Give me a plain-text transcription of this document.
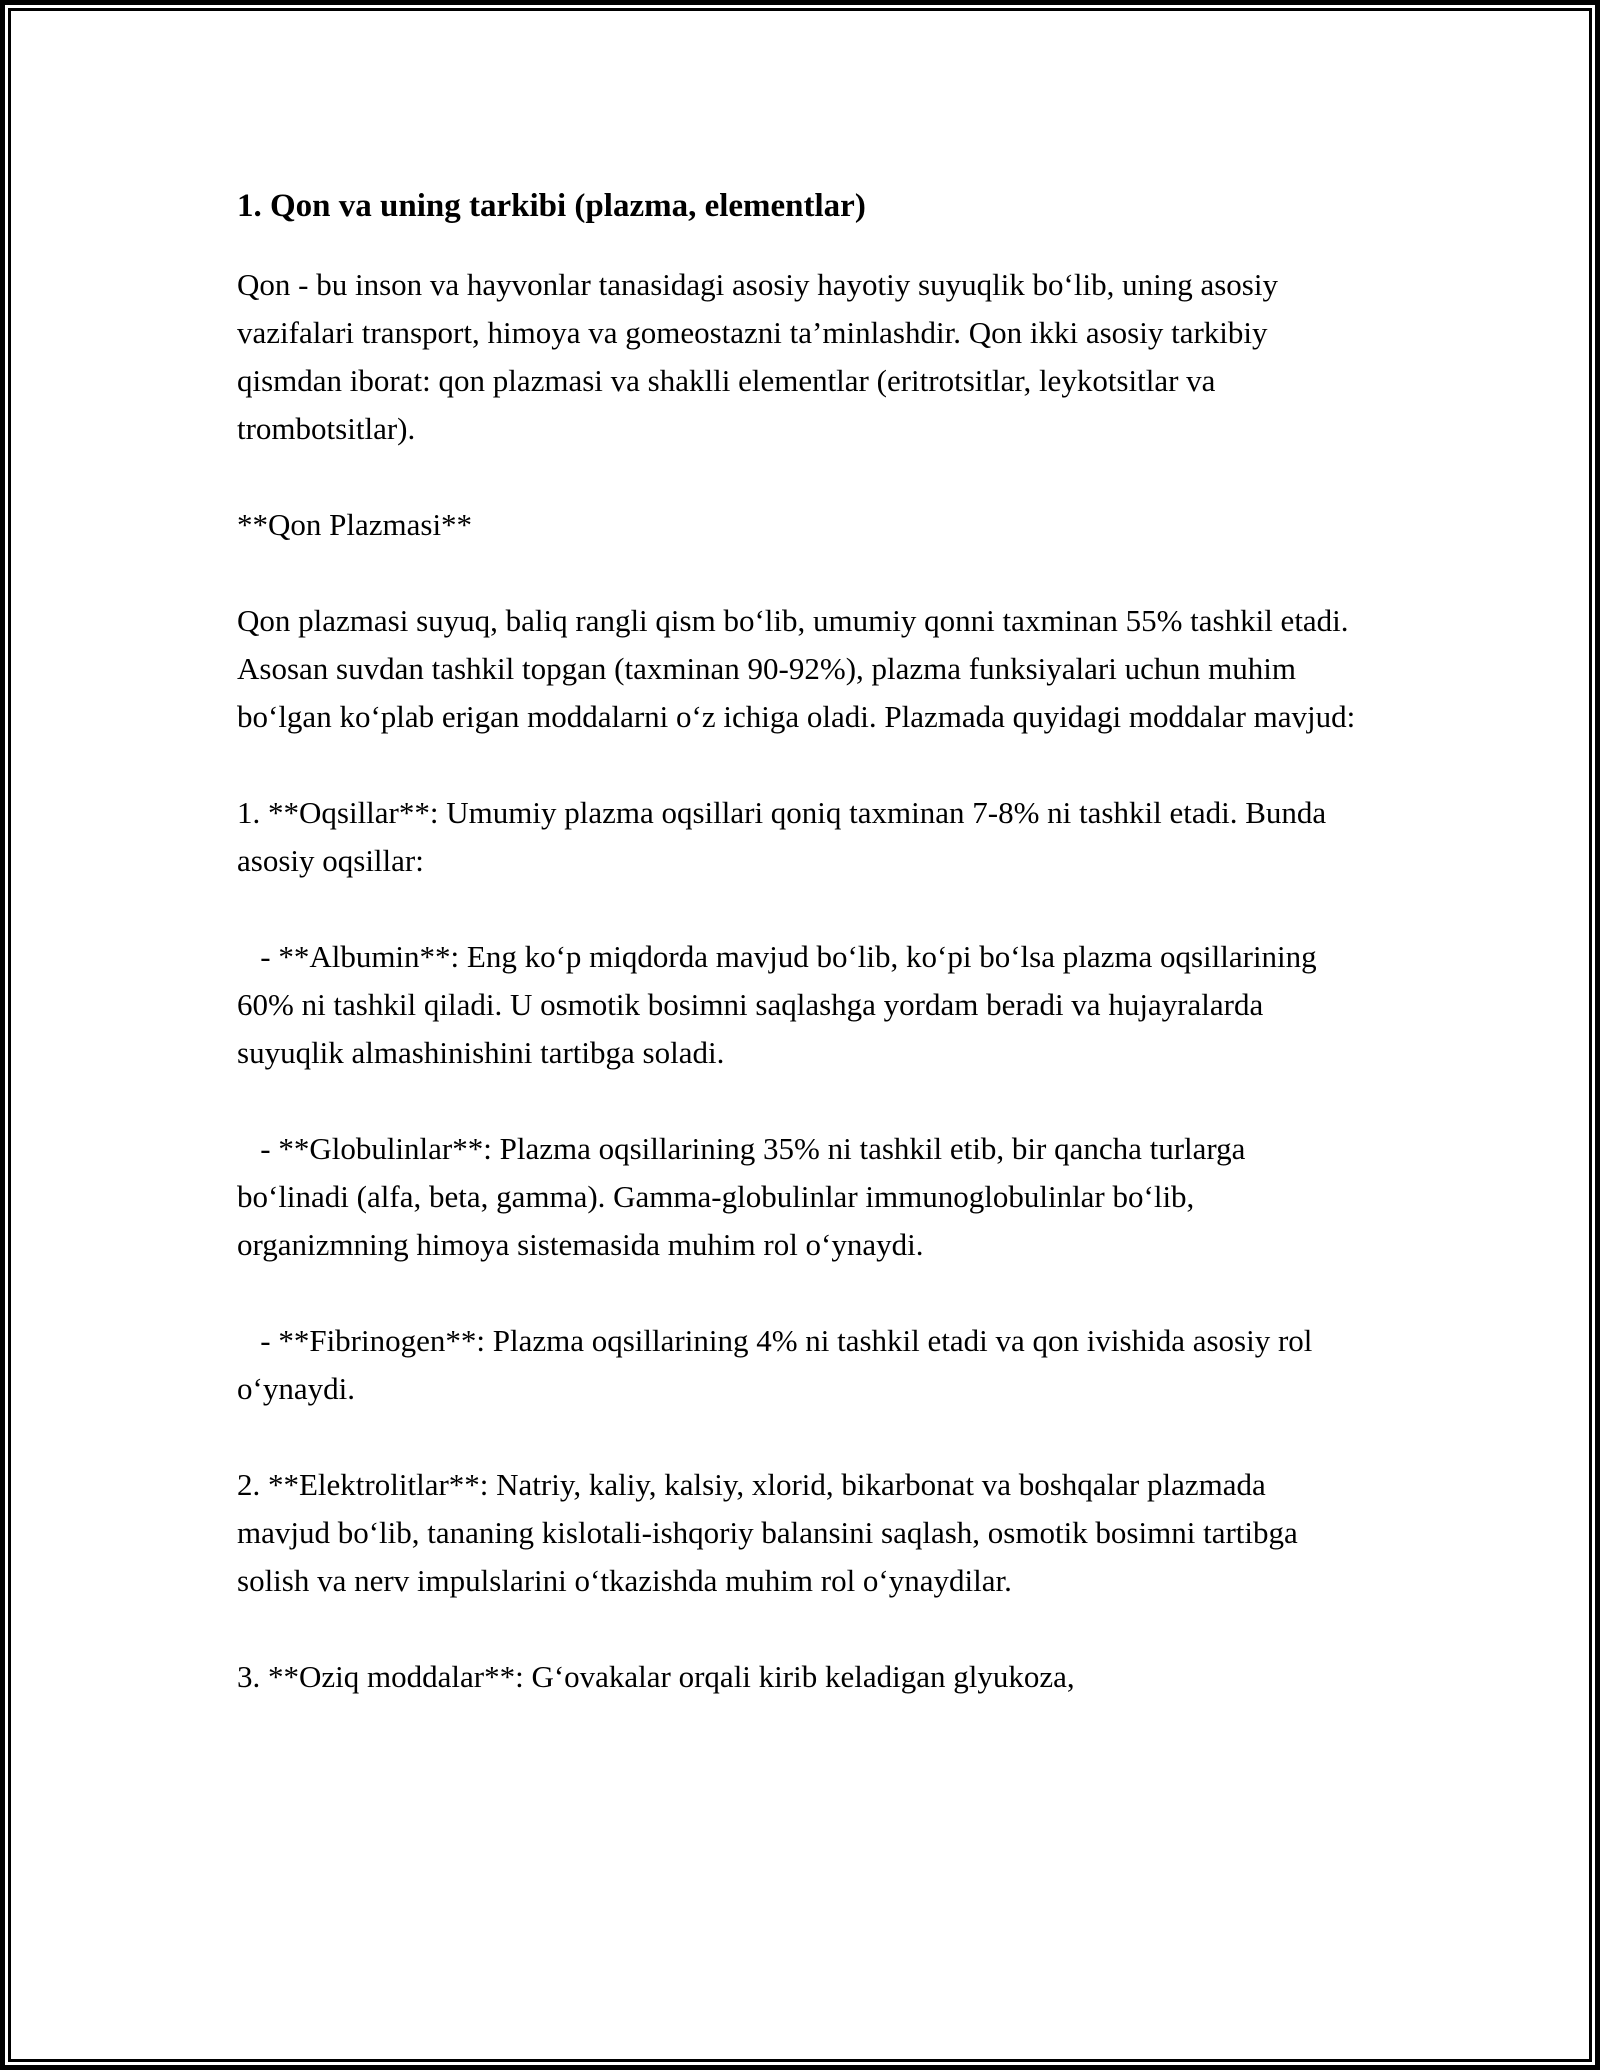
1. Qon va uning tarkibi (plazma, elementlar)

Qon - bu inson va hayvonlar tanasidagi asosiy hayotiy suyuqlik bo‘lib, uning asosiy vazifalari transport, himoya va gomeostazni ta’minlashdir. Qon ikki asosiy tarkibiy qismdan iborat: qon plazmasi va shaklli elementlar (eritrotsitlar, leykotsitlar va trombotsitlar).

**Qon Plazmasi**

Qon plazmasi suyuq, baliq rangli qism bo‘lib, umumiy qonni taxminan 55% tashkil etadi. Asosan suvdan tashkil topgan (taxminan 90-92%), plazma funksiyalari uchun muhim bo‘lgan ko‘plab erigan moddalarni o‘z ichiga oladi. Plazmada quyidagi moddalar mavjud:

1. **Oqsillar**: Umumiy plazma oqsillari qoniq taxminan 7-8% ni tashkil etadi. Bunda asosiy oqsillar:

- **Albumin**: Eng ko‘p miqdorda mavjud bo‘lib, ko‘pi bo‘lsa plazma oqsillarining 60% ni tashkil qiladi. U osmotik bosimni saqlashga yordam beradi va hujayralarda suyuqlik almashinishini tartibga soladi.

- **Globulinlar**: Plazma oqsillarining 35% ni tashkil etib, bir qancha turlarga bo‘linadi (alfa, beta, gamma). Gamma-globulinlar immunoglobulinlar bo‘lib, organizmning himoya sistemasida muhim rol o‘ynaydi.

- **Fibrinogen**: Plazma oqsillarining 4% ni tashkil etadi va qon ivishida asosiy rol o‘ynaydi.

2. **Elektrolitlar**: Natriy, kaliy, kalsiy, xlorid, bikarbonat va boshqalar plazmada mavjud bo‘lib, tananing kislotali-ishqoriy balansini saqlash, osmotik bosimni tartibga solish va nerv impulslarini o‘tkazishda muhim rol o‘ynaydilar.

3. **Oziq moddalar**: G‘ovakalar orqali kirib keladigan glyukoza,
